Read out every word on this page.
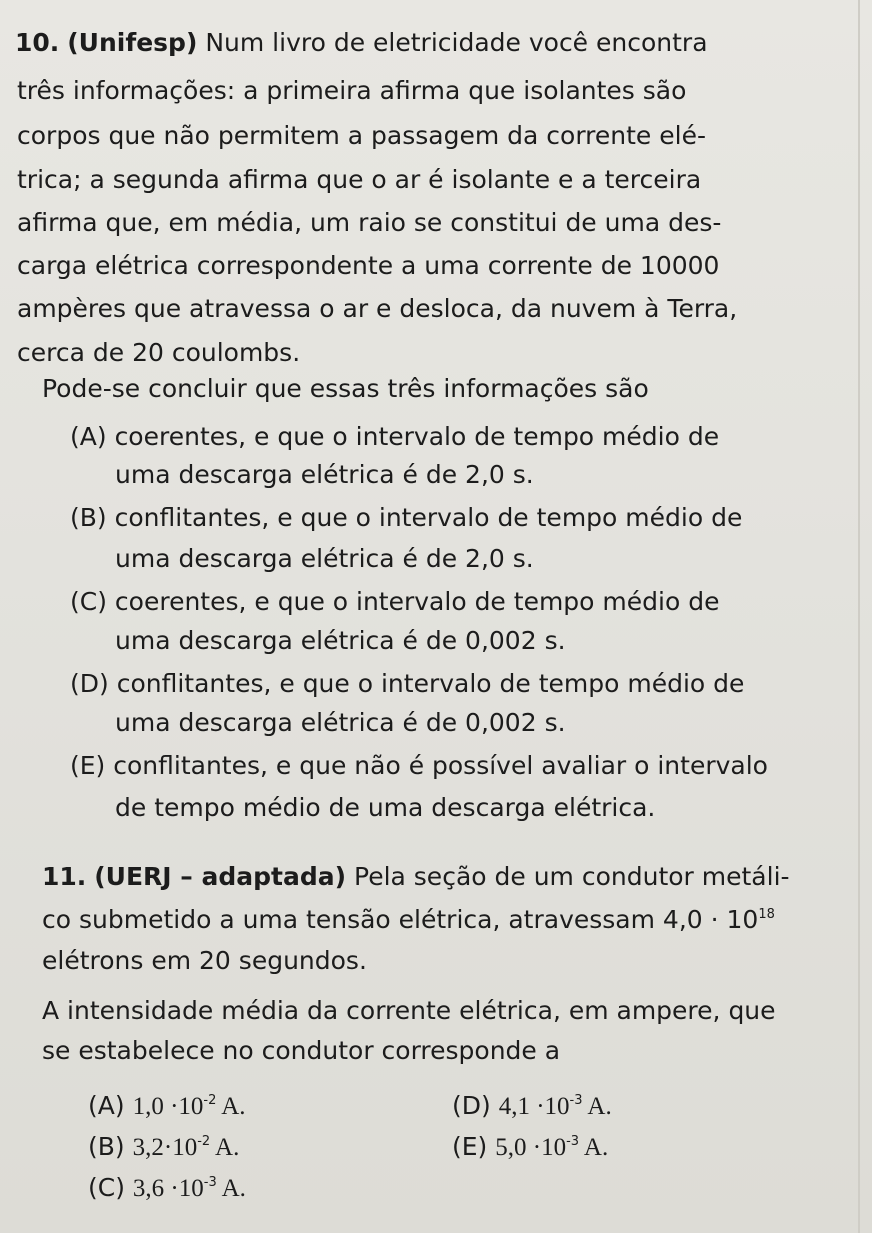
10. (Unifesp) Num livro de eletricidade você encontra
três informações: a primeira afirma que isolantes são
corpos que não permitem a passagem da corrente elé-
trica; a segunda afirma que o ar é isolante e a terceira
afirma que, em média, um raio se constitui de uma des-
carga elétrica correspondente a uma corrente de 10000
ampères que atravessa o ar e desloca, da nuvem à Terra,
cerca de 20 coulombs.
Pode-se concluir que essas três informações são
(A) coerentes, e que o intervalo de tempo médio de
uma descarga elétrica é de 2,0 s.
(B) conflitantes, e que o intervalo de tempo médio de
uma descarga elétrica é de 2,0 s.
(C) coerentes, e que o intervalo de tempo médio de
uma descarga elétrica é de 0,002 s.
(D) conflitantes, e que o intervalo de tempo médio de
uma descarga elétrica é de 0,002 s.
(E) conflitantes, e que não é possível avaliar o intervalo
de tempo médio de uma descarga elétrica.
11. (UERJ – adaptada) Pela seção de um condutor metáli-
co submetido a uma tensão elétrica, atravessam $4,0 \cdot 10^{18}$
elétrons em 20 segundos.
A intensidade média da corrente elétrica, em ampere, que
se estabelece no condutor corresponde a
(A) $1,0 \cdot 10^{-2}$ A.
(B) $3,2\cdot 10^{-2}$ A.
(C) $3,6 \cdot 10^{-3}$ A.
(D) $4,1 \cdot 10^{-3}$ A.
(E) $5,0 \cdot 10^{-3}$ A.
